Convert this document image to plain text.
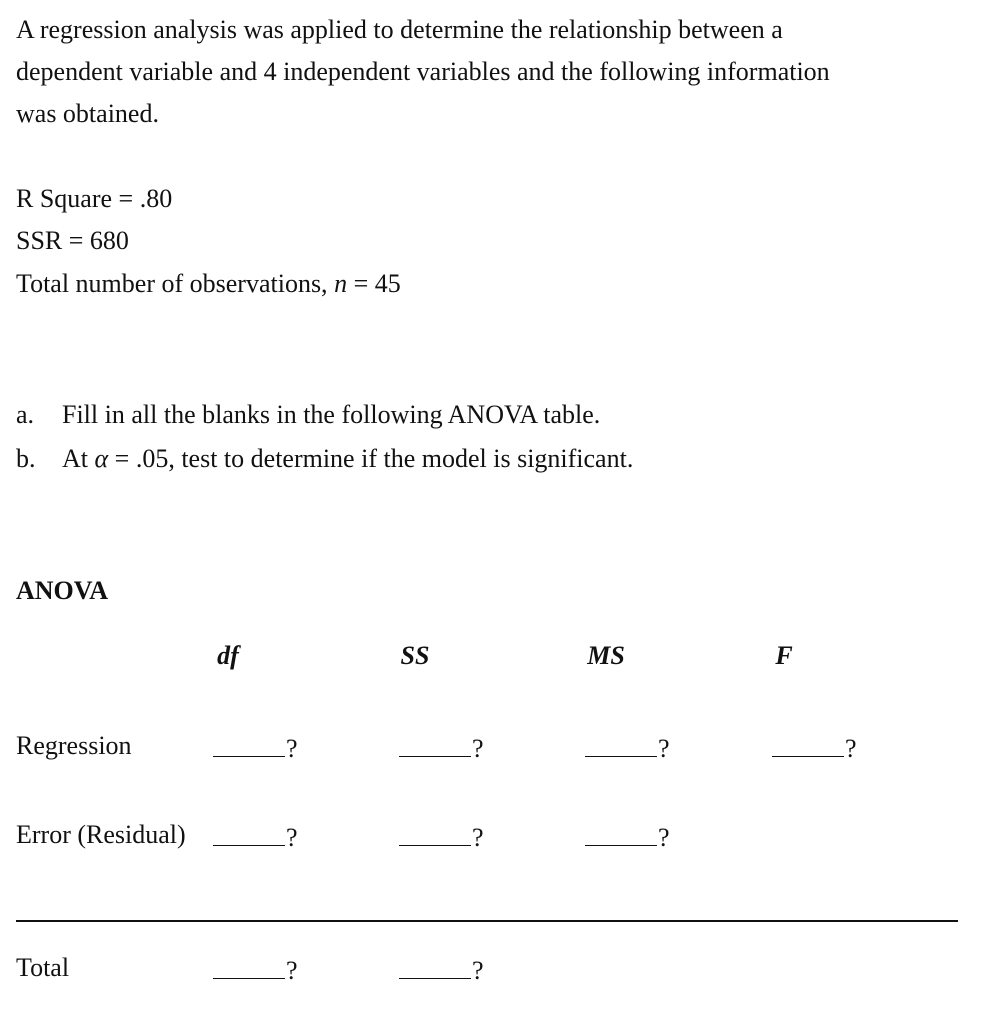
A regression analysis was applied to determine the relationship between a
dependent variable and 4 independent variables and the following information
was obtained.
R Square = .80
SSR = 680
Total number of observations, n = 45
a. Fill in all the blanks in the following ANOVA table.
b. At α = .05, test to determine if the model is significant.
ANOVA
df	SS	MS	F
Regression	?	?	?	?
Error (Residual)	?	?	?
Total	?	?
